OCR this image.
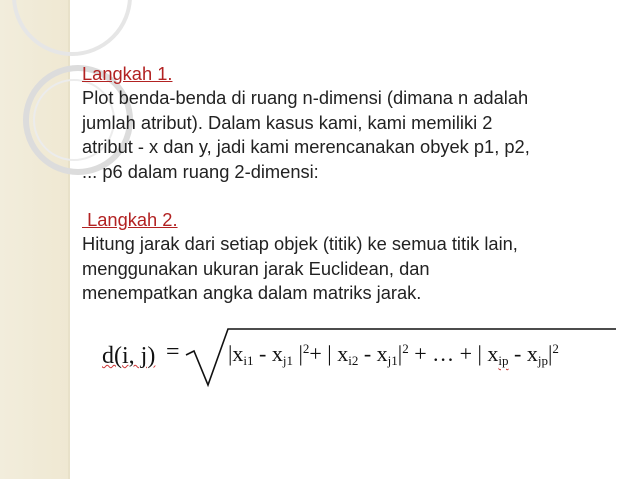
Langkah 1.

Plot benda-benda di ruang n-dimensi (dimana n adalah

jumlah atribut). Dalam kasus kami, kami memiliki 2

atribut - x dan y, jadi kami merencanakan obyek p1, p2,

... p6 dalam ruang 2-dimensi:

Langkah 2.

Hitung jarak dari setiap objek (titik) ke semua titik lain,

menggunakan ukuran jarak Euclidean, dan

menempatkan angka dalam matriks jarak.

d(i, $j) = |x_{i1} - x_{j1}$ $|^2+$ | $x_{i2} - x_{j1}|^2$ + … + | $x_{ip} - x_{jp}|^2$
